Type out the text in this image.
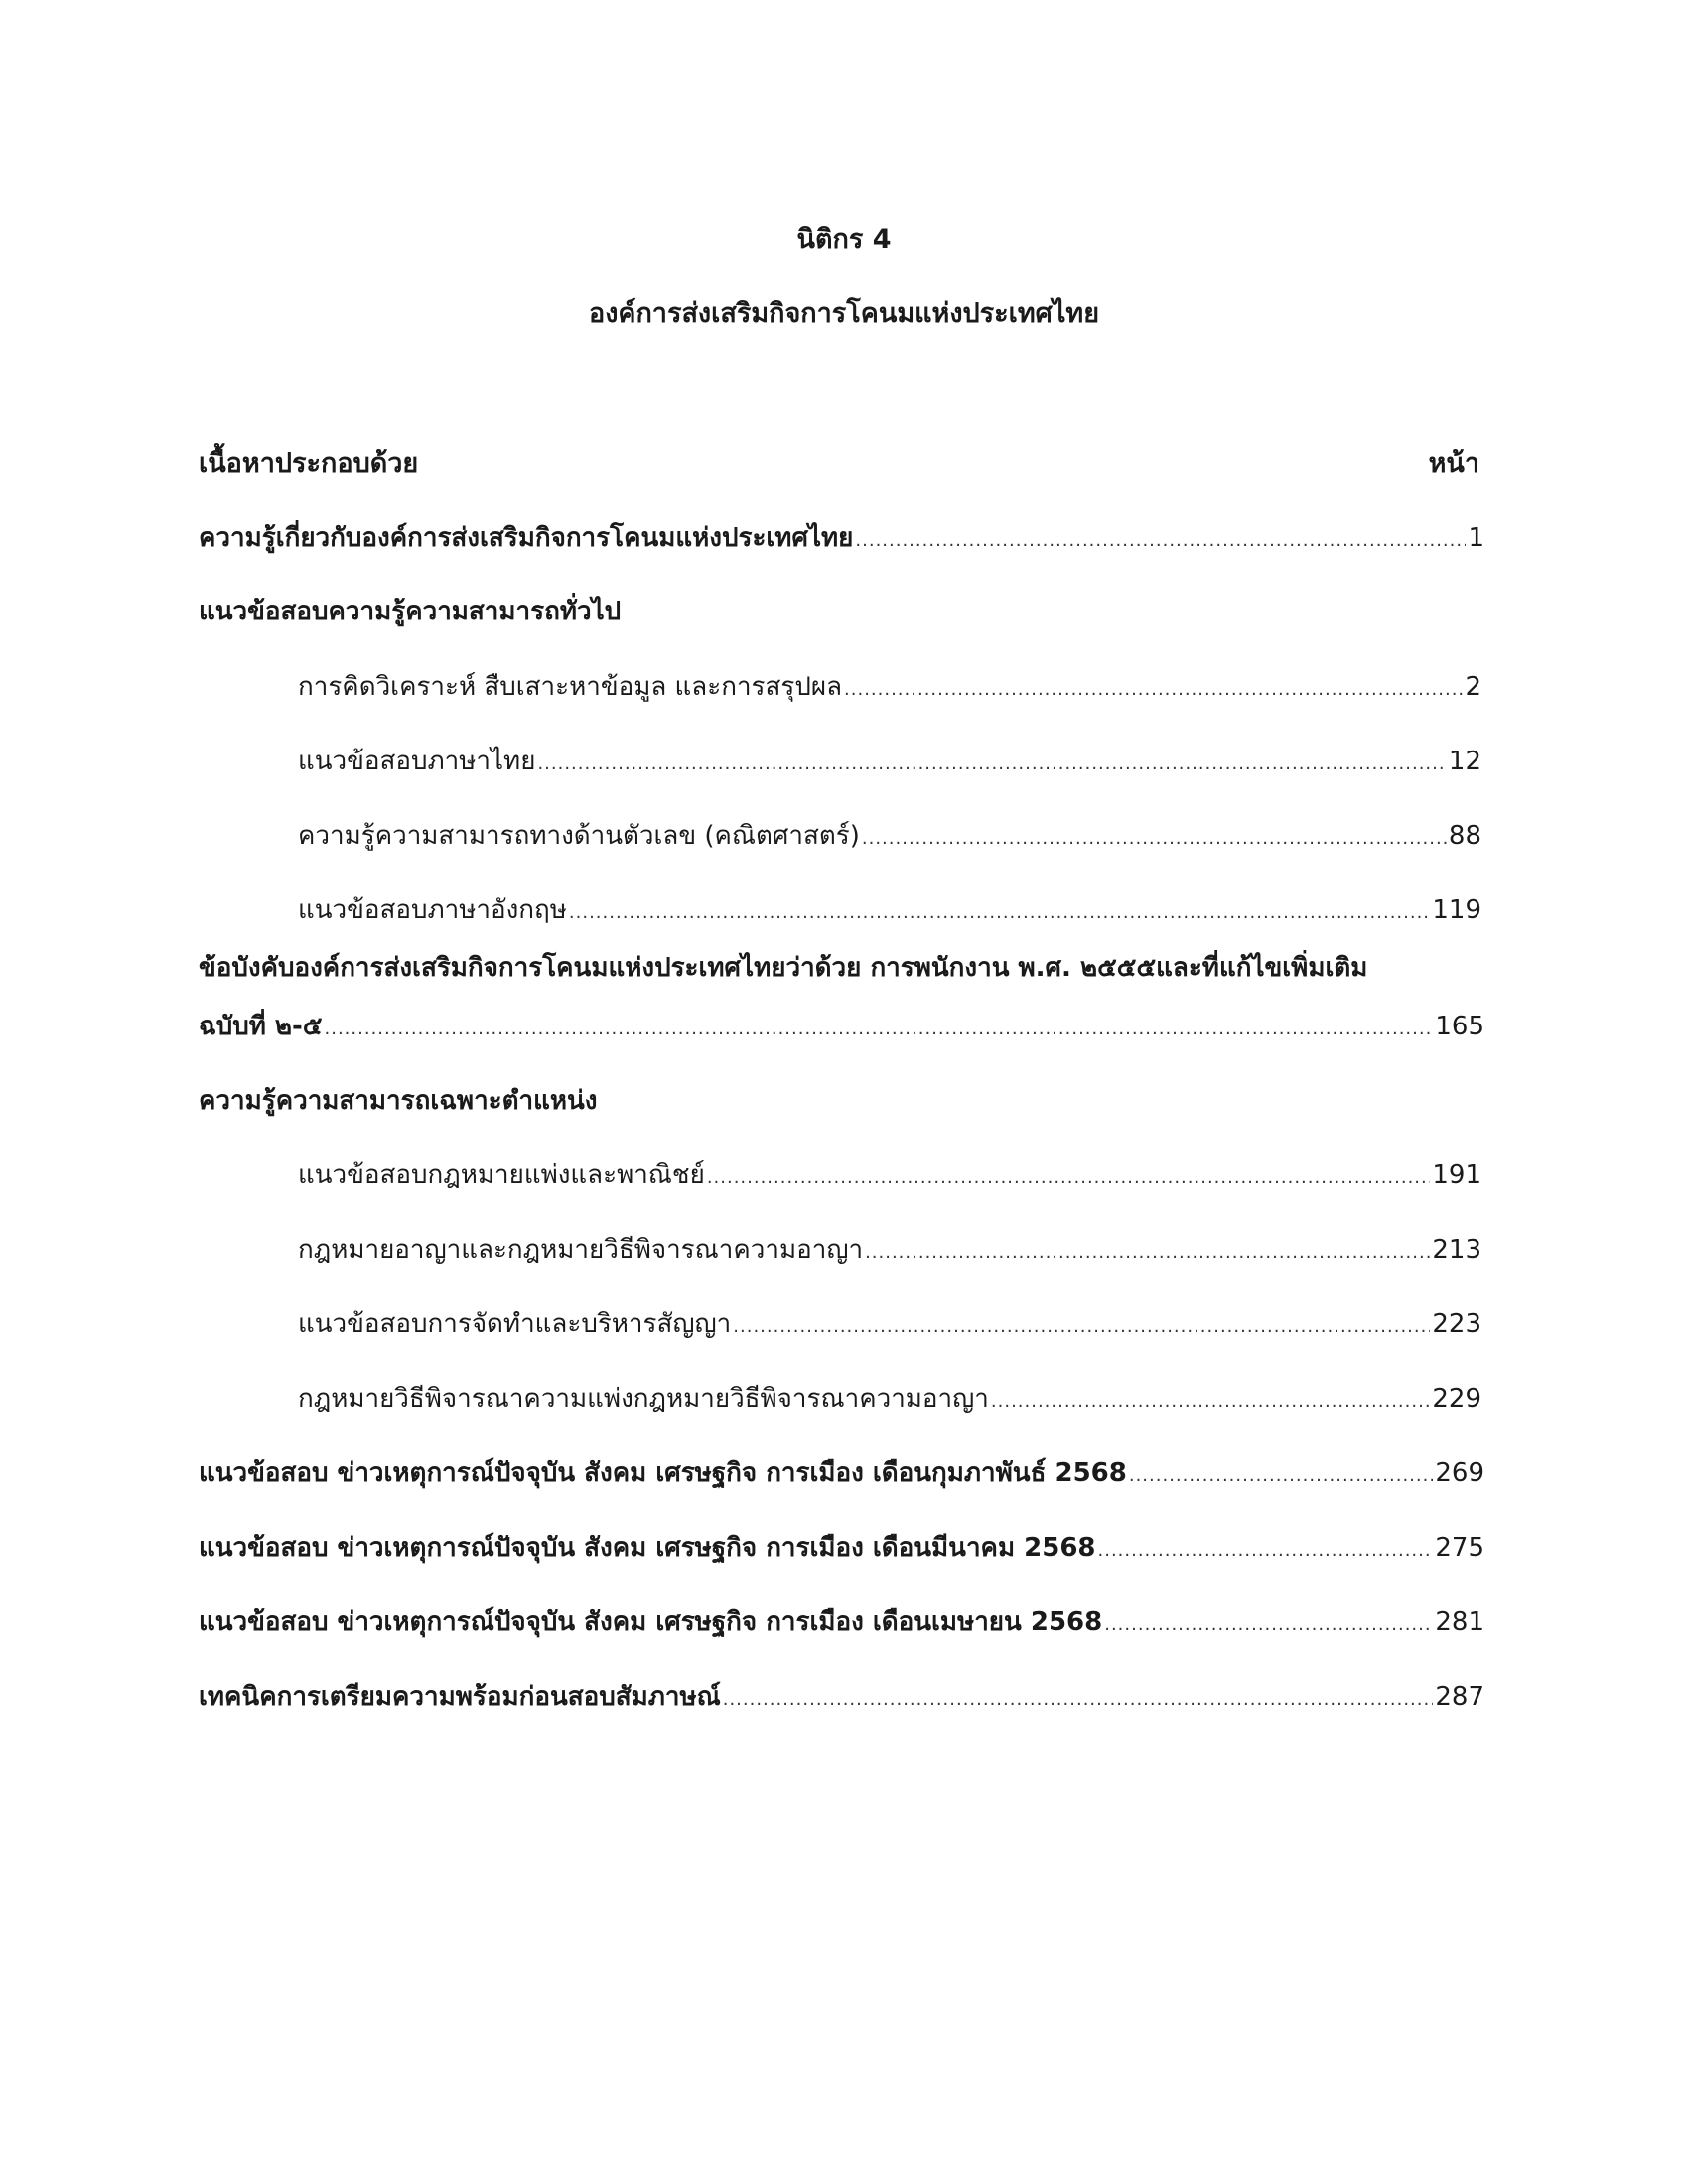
นิติกร 4
องค์การส่งเสริมกิจการโคนมแห่งประเทศไทย
เนื้อหาประกอบด้วย	หน้า
ความรู้เกี่ยวกับองค์การส่งเสริมกิจการโคนมแห่งประเทศไทย .....	1
แนวข้อสอบความรู้ความสามารถทั่วไป
การคิดวิเคราะห์ สืบเสาะหาข้อมูล และการสรุปผล .....	2
แนวข้อสอบภาษาไทย .....	12
ความรู้ความสามารถทางด้านตัวเลข (คณิตศาสตร์) .....	88
แนวข้อสอบภาษาอังกฤษ .....	119
ข้อบังคับองค์การส่งเสริมกิจการโคนมแห่งประเทศไทยว่าด้วย การพนักงาน พ.ศ. ๒๕๕๕และที่แก้ไขเพิ่มเติม
ฉบับที่ ๒-๕ .....	165
ความรู้ความสามารถเฉพาะตำแหน่ง
แนวข้อสอบกฎหมายแพ่งและพาณิชย์ .....	191
กฎหมายอาญาและกฎหมายวิธีพิจารณาความอาญา .....	213
แนวข้อสอบการจัดทำและบริหารสัญญา .....	223
กฎหมายวิธีพิจารณาความแพ่งกฎหมายวิธีพิจารณาความอาญา .....	229
แนวข้อสอบ ข่าวเหตุการณ์ปัจจุบัน สังคม เศรษฐกิจ การเมือง เดือนกุมภาพันธ์ 2568 .....	269
แนวข้อสอบ ข่าวเหตุการณ์ปัจจุบัน สังคม เศรษฐกิจ การเมือง เดือนมีนาคม 2568 .....	275
แนวข้อสอบ ข่าวเหตุการณ์ปัจจุบัน สังคม เศรษฐกิจ การเมือง เดือนเมษายน 2568 .....	281
เทคนิคการเตรียมความพร้อมก่อนสอบสัมภาษณ์ .....	287
